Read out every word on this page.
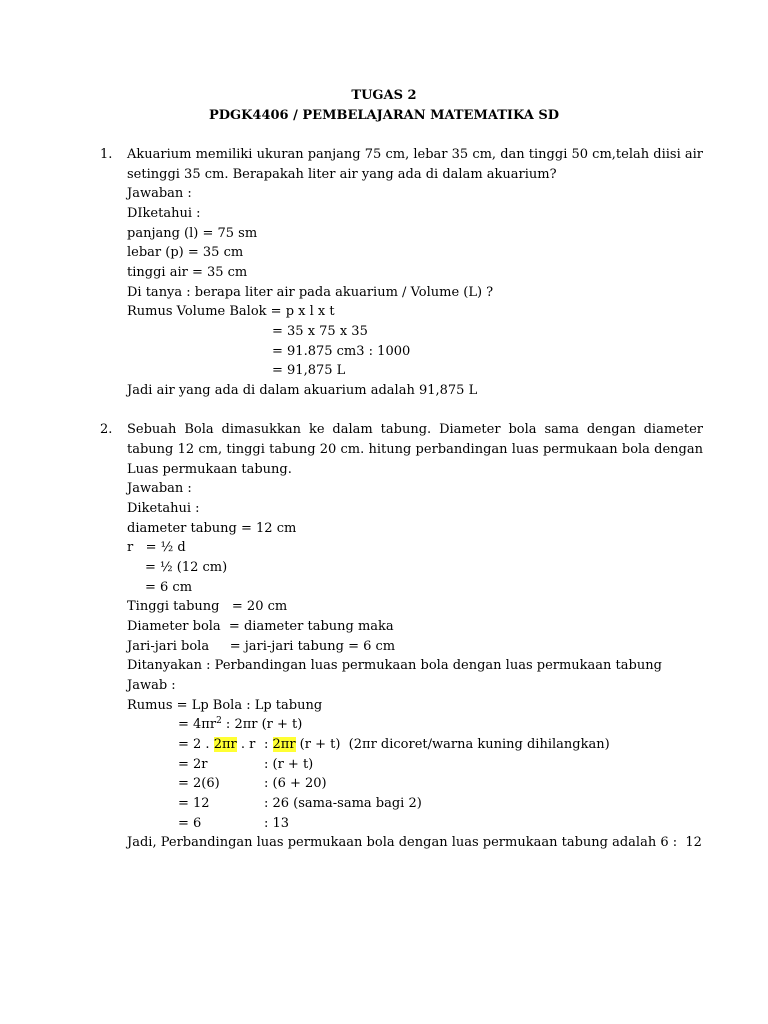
TUGAS 2
PDGK4406 / PEMBELAJARAN MATEMATIKA SD
1. Akuarium memiliki ukuran panjang 75 cm, lebar 35 cm, dan tinggi 50 cm,telah diisi air
setinggi 35 cm. Berapakah liter air yang ada di dalam akuarium?
Jawaban :
DIketahui :
panjang (l) = 75 sm
lebar (p) = 35 cm
tinggi air = 35 cm
Di tanya : berapa liter air pada akuarium / Volume (L) ?
Rumus Volume Balok = p x l x t
= 35 x 75 x 35
= 91.875 cm3 : 1000
= 91,875 L
Jadi air yang ada di dalam akuarium adalah 91,875 L
2. Sebuah Bola dimasukkan ke dalam tabung. Diameter bola sama dengan diameter
tabung 12 cm, tinggi tabung 20 cm. hitung perbandingan luas permukaan bola dengan
Luas permukaan tabung.
Jawaban :
Diketahui :
diameter tabung = 12 cm
r   = ½ d
= ½ (12 cm)
= 6 cm
Tinggi tabung   = 20 cm
Diameter bola  = diameter tabung maka
Jari-jari bola     = jari-jari tabung = 6 cm
Ditanyakan : Perbandingan luas permukaan bola dengan luas permukaan tabung
Jawab :
Rumus = Lp Bola : Lp tabung
= $4\pi r^2$ : 2πr (r + t)
= 2 . 2πr . r : 2πr (r + t)  (2πr dicoret/warna kuning dihilangkan)
= 2r	: (r + t)
= 2(6)	: (6 + 20)
= 12	: 26 (sama-sama bagi 2)
= 6	: 13
Jadi, Perbandingan luas permukaan bola dengan luas permukaan tabung adalah 6 :  12
